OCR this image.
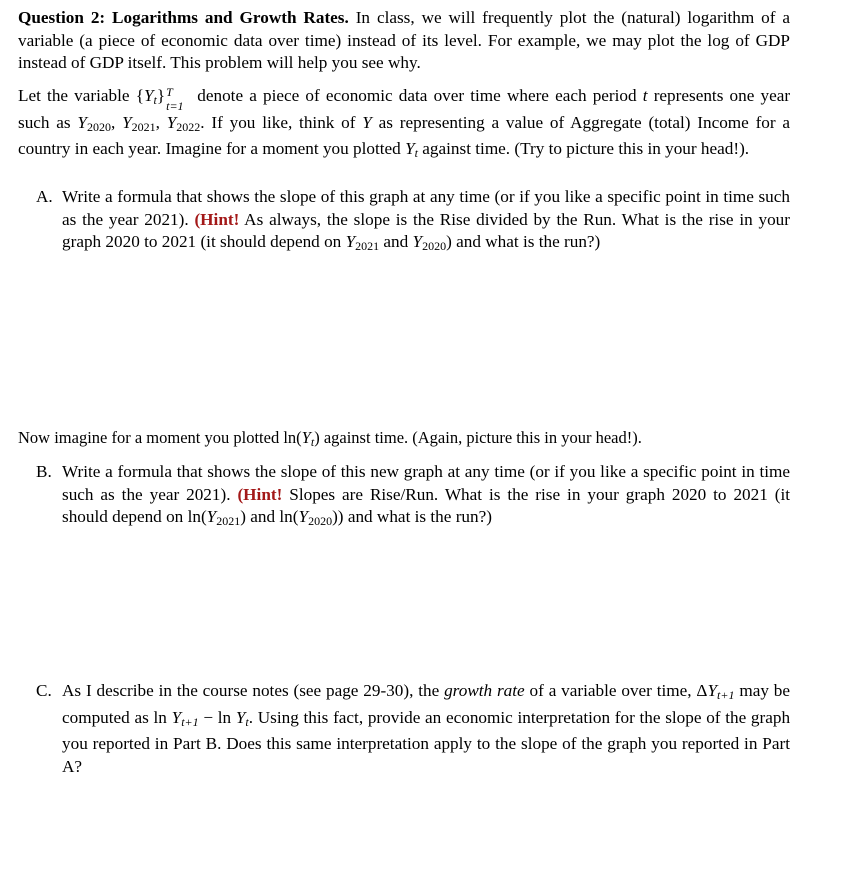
Question 2: Logarithms and Growth Rates. In class, we will frequently plot the (natural) logarithm of a variable (a piece of economic data over time) instead of its level. For example, we may plot the log of GDP instead of GDP itself. This problem will help you see why.
Let the variable {Yt} T
t=1
denote a piece of economic data over time where each period t represents one year such as $Y_{2020}$, $Y_{2021}$, $Y_{2022}$. If you like, think of Y as representing a value of Aggregate (total) Income for a country in each year. Imagine for a moment you plotted Yt against time. (Try to picture this in your head!).
A. Write a formula that shows the slope of this graph at any time (or if you like a specific point in time such as the year 2021). (Hint! As always, the slope is the Rise divided by the Run. What is the rise in your graph 2020 to 2021 (it should depend on $Y_{2021}$ and $Y_{2020}$) and what is the run?)
Now imagine for a moment you plotted ln(Yt) against time. (Again, picture this in your head!).
B. Write a formula that shows the slope of this new graph at any time (or if you like a specific point in time such as the year 2021). (Hint! Slopes are Rise/Run. What is the rise in your graph 2020 to 2021 (it should depend on $\ln(Y_{2021})$ and $\ln(Y_{2020})$) and what is the run?)
C. As I describe in the course notes (see page 29-30), the growth rate of a variable over time, ΔYt+1 may be computed as ln Yt+1 − ln Yt. Using this fact, provide an economic interpretation for the slope of the graph you reported in Part B. Does this same interpretation apply to the slope of the graph you reported in Part A?
